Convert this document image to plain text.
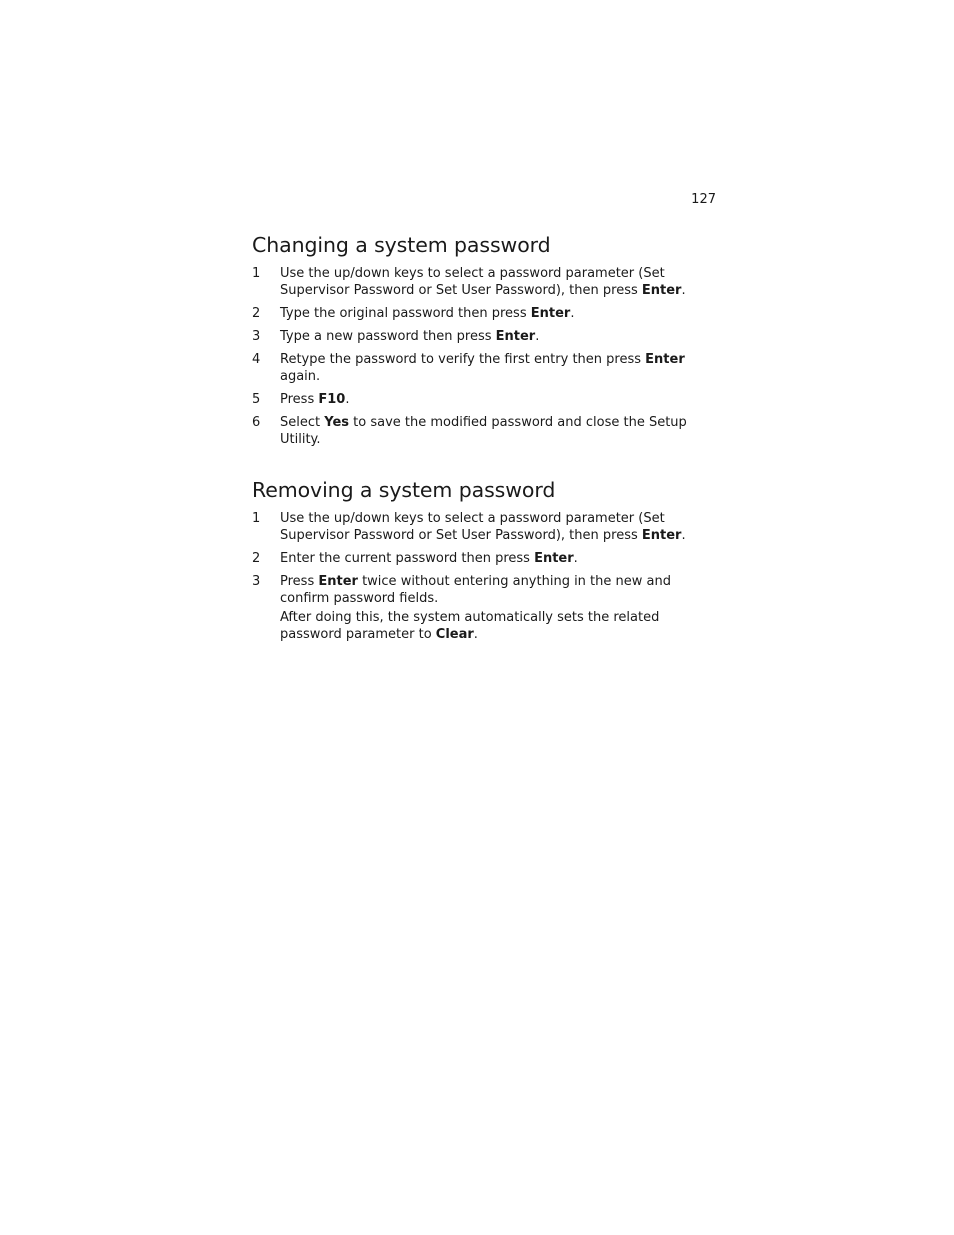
127
Changing a system password
1	Use the up/down keys to select a password parameter (Set Supervisor Password or Set User Password), then press Enter.
2	Type the original password then press Enter.
3	Type a new password then press Enter.
4	Retype the password to verify the first entry then press Enter again.
5	Press F10.
6	Select Yes to save the modified password and close the Setup Utility.
Removing a system password
1	Use the up/down keys to select a password parameter (Set Supervisor Password or Set User Password), then press Enter.
2	Enter the current password then press Enter.
3	Press Enter twice without entering anything in the new and confirm password fields.

After doing this, the system automatically sets the related password parameter to Clear.
